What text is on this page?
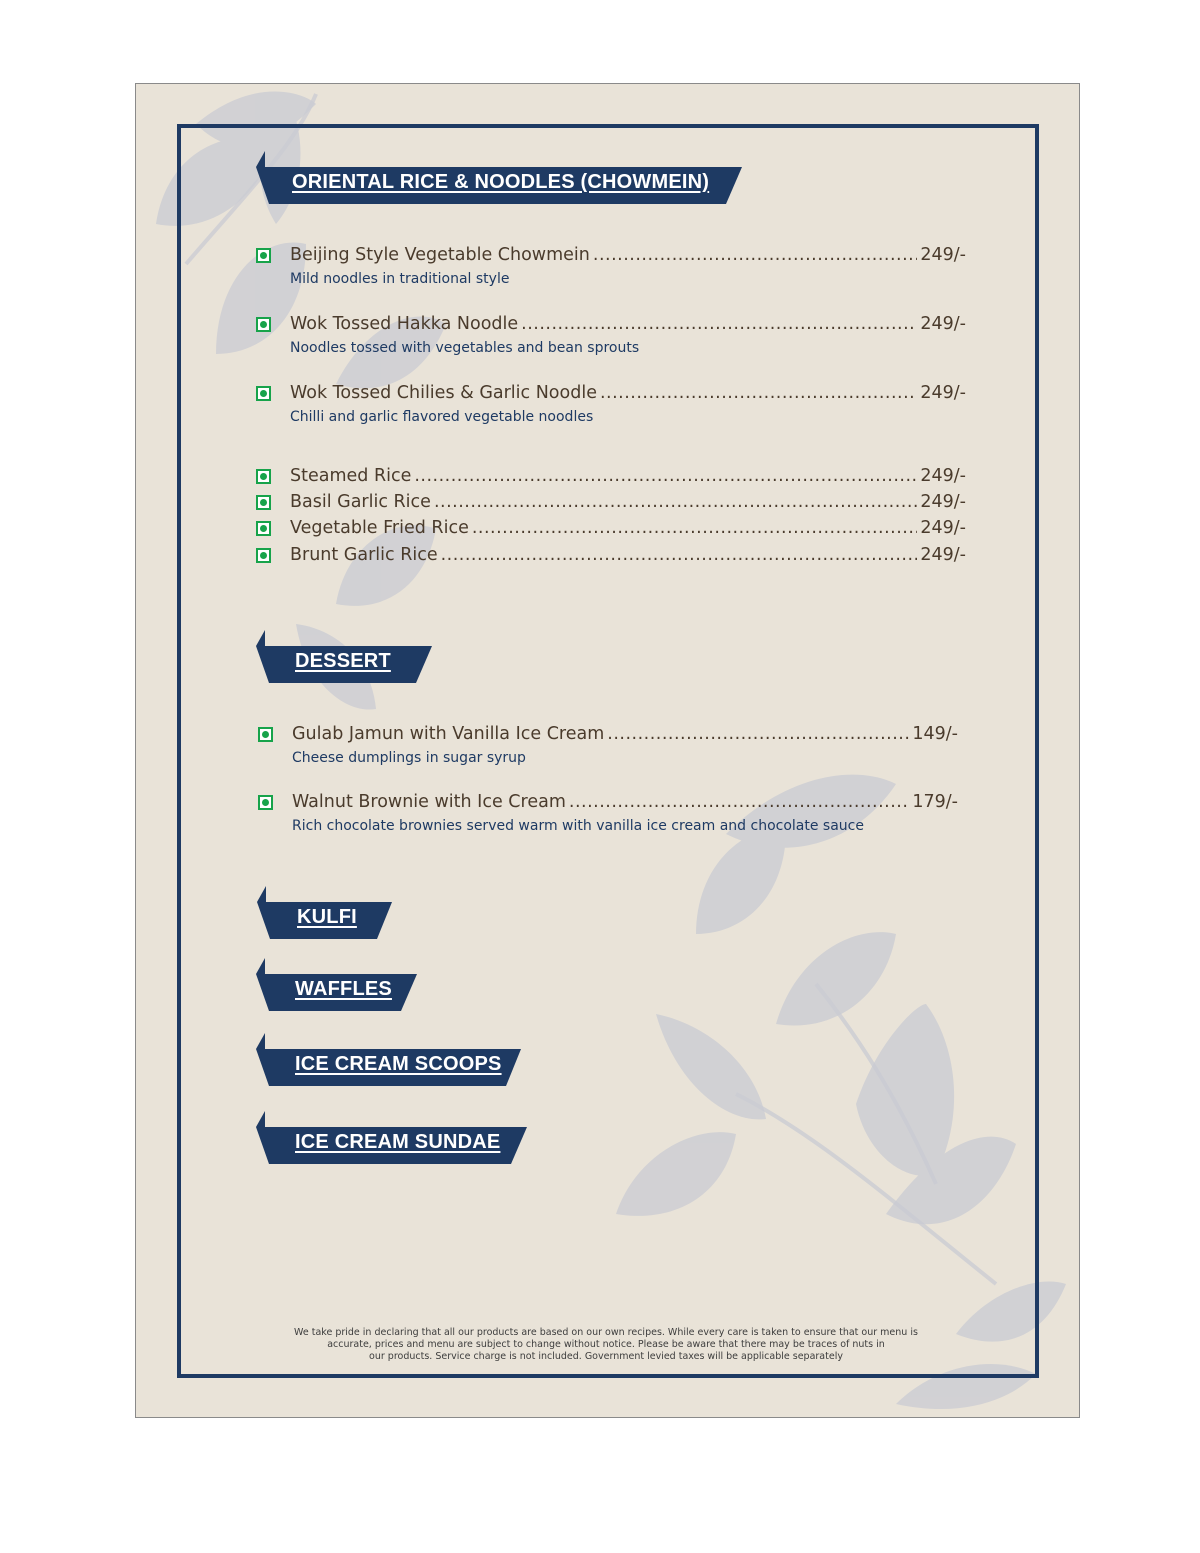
ORIENTAL RICE & NOODLES (CHOWMEIN)
Beijing Style Vegetable Chowmein .....	249/-
Mild noodles in traditional style
Wok Tossed Hakka Noodle .....	249/-
Noodles tossed with vegetables and bean sprouts
Wok Tossed Chilies & Garlic Noodle .....	249/-
Chilli and garlic flavored vegetable noodles
Steamed Rice .....	249/-
Basil Garlic Rice .....	249/-
Vegetable Fried Rice .....	249/-
Brunt Garlic Rice .....	249/-
DESSERT
Gulab Jamun with Vanilla Ice Cream .....	149/-
Cheese dumplings in sugar syrup
Walnut Brownie with Ice Cream .....	179/-
Rich chocolate brownies served warm with vanilla ice cream and chocolate sauce
KULFI
WAFFLES
ICE CREAM SCOOPS
ICE CREAM SUNDAE
We take pride in declaring that all our products are based on our own recipes. While every care is taken to ensure that our menu is
accurate, prices and menu are subject to change without notice. Please be aware that there may be traces of nuts in
our products. Service charge is not included. Government levied taxes will be applicable separately
